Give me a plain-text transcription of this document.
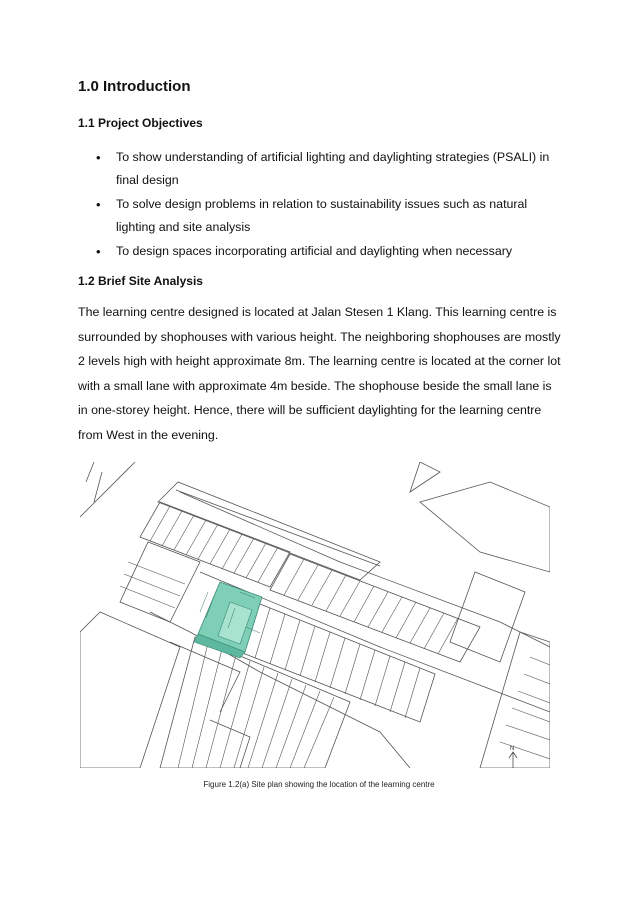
1.0 Introduction
1.1 Project Objectives
• To show understanding of artificial lighting and daylighting strategies (PSALI) in final design
• To solve design problems in relation to sustainability issues such as natural lighting and site analysis
• To design spaces incorporating artificial and daylighting when necessary
1.2 Brief Site Analysis

The learning centre designed is located at Jalan Stesen 1 Klang. This learning centre is surrounded by shophouses with various height. The neighboring shophouses are mostly 2 levels high with height approximate 8m. The learning centre is located at the corner lot with a small lane with approximate 4m beside. The shophouse beside the small lane is in one-storey height. Hence, there will be sufficient daylighting for the learning centre from West in the evening.

N
Figure 1.2(a) Site plan showing the location of the learning centre
